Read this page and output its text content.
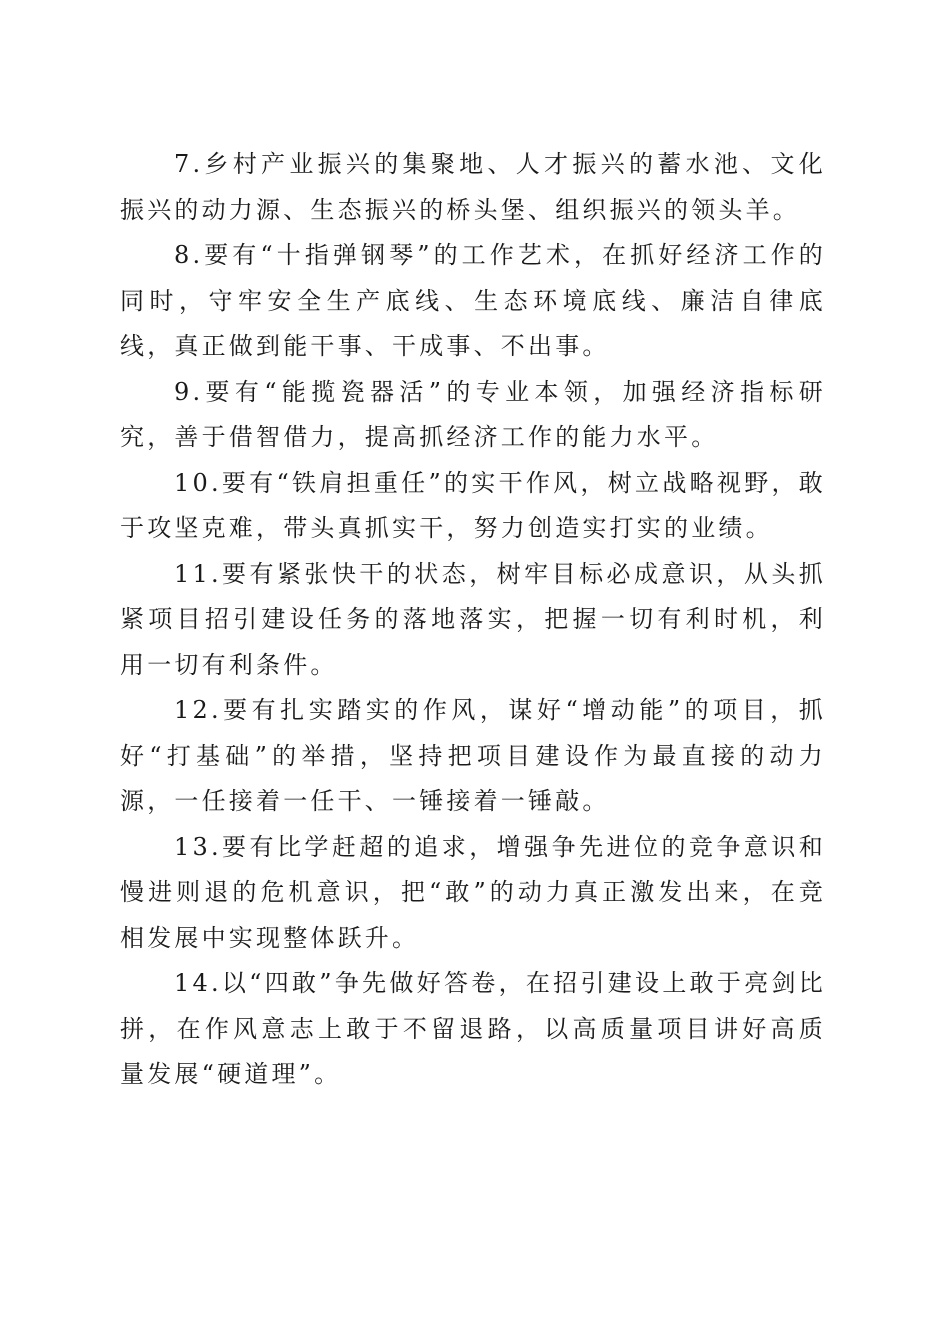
7.乡村产业振兴的集聚地、人才振兴的蓄水池、文化振兴的动力源、生态振兴的桥头堡、组织振兴的领头羊。

8.要有“十指弹钢琴”的工作艺术，在抓好经济工作的同时，守牢安全生产底线、生态环境底线、廉洁自律底线，真正做到能干事、干成事、不出事。

9.要有“能揽瓷器活”的专业本领，加强经济指标研究，善于借智借力，提高抓经济工作的能力水平。

10.要有“铁肩担重任”的实干作风，树立战略视野，敢于攻坚克难，带头真抓实干，努力创造实打实的业绩。

11.要有紧张快干的状态，树牢目标必成意识，从头抓紧项目招引建设任务的落地落实，把握一切有利时机，利用一切有利条件。

12.要有扎实踏实的作风，谋好“增动能”的项目，抓好“打基础”的举措，坚持把项目建设作为最直接的动力源，一任接着一任干、一锤接着一锤敲。

13.要有比学赶超的追求，增强争先进位的竞争意识和慢进则退的危机意识，把“敢”的动力真正激发出来，在竞相发展中实现整体跃升。

14.以“四敢”争先做好答卷，在招引建设上敢于亮剑比拼，在作风意志上敢于不留退路，以高质量项目讲好高质量发展“硬道理”。
